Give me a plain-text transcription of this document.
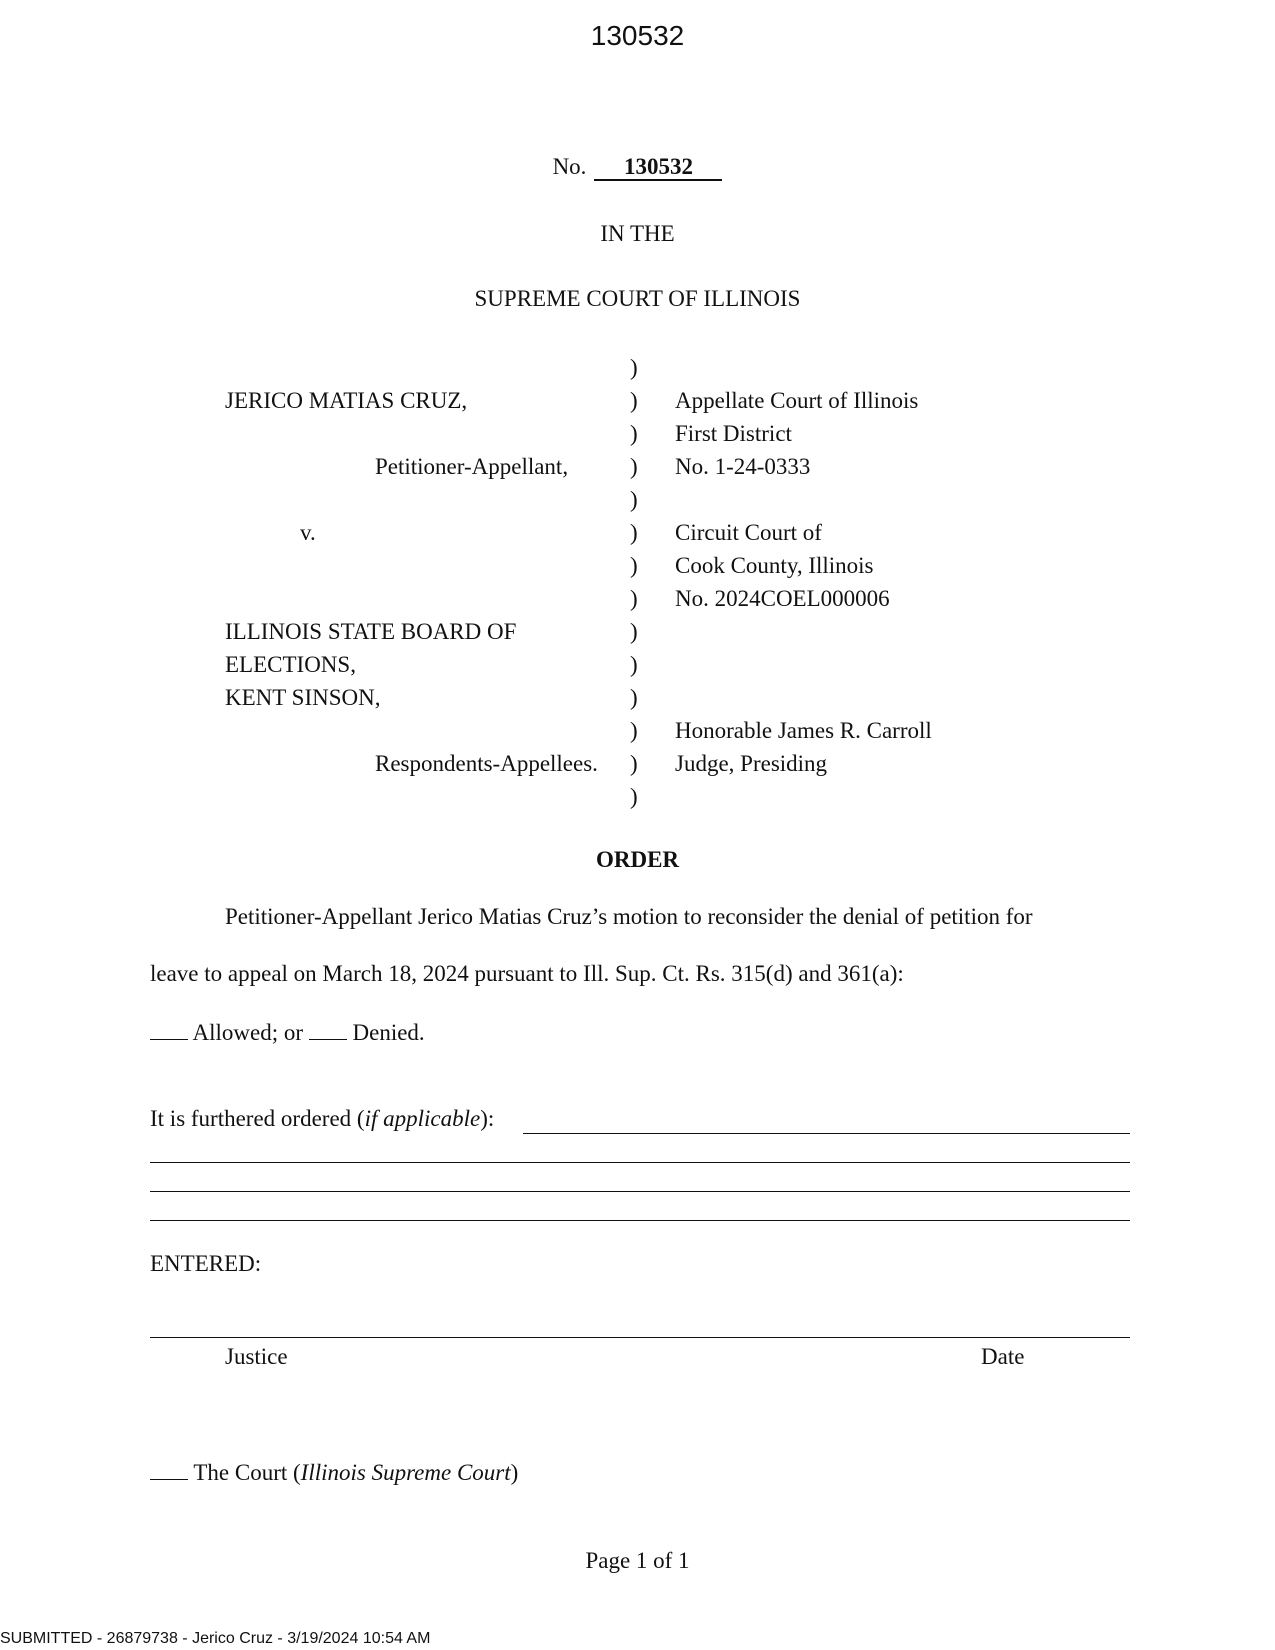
130532
No. 130532
IN THE
SUPREME COURT OF ILLINOIS
)
)
)
)
)
)
)
)
)
)
)
)
)
)
JERICO MATIAS CRUZ,
Petitioner-Appellant,
v.
ILLINOIS STATE BOARD OF
ELECTIONS,
KENT SINSON,
Respondents-Appellees.
Appellate Court of Illinois
First District
No. 1-24-0333
Circuit Court of
Cook County, Illinois
No. 2024COEL000006
Honorable James R. Carroll
Judge, Presiding
ORDER
Petitioner-Appellant Jerico Matias Cruz’s motion to reconsider the denial of petition for
leave to appeal on March 18, 2024 pursuant to Ill. Sup. Ct. Rs. 315(d) and 361(a):
Allowed; or Denied.
It is furthered ordered (if applicable):
ENTERED:
Justice	Date
The Court (Illinois Supreme Court)
Page 1 of 1
SUBMITTED - 26879738 - Jerico Cruz - 3/19/2024 10:54 AM
